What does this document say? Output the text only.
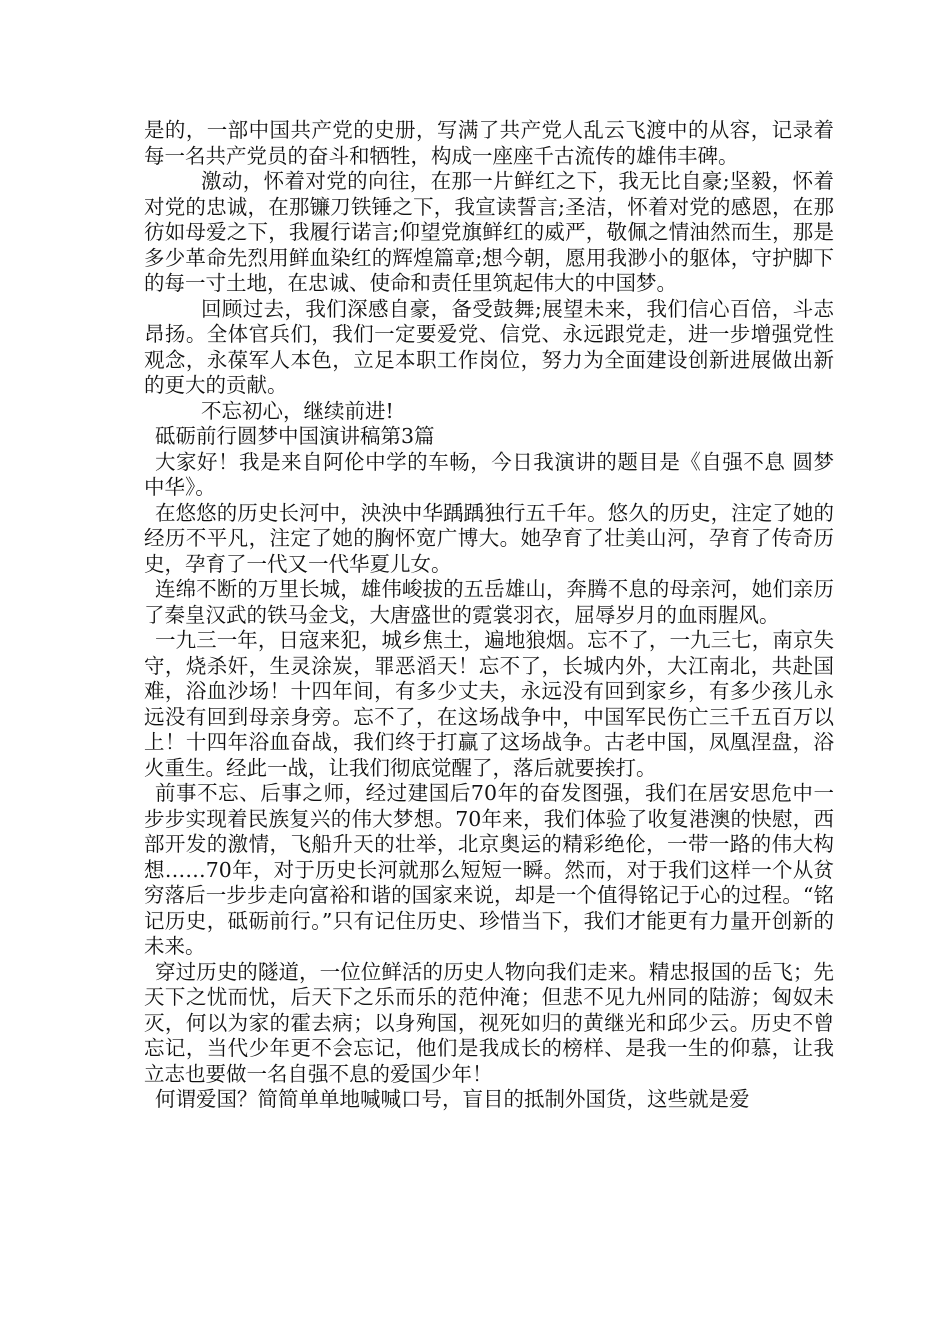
是的，一部中国共产党的史册，写满了共产党人乱云飞渡中的从容，记录着每一名共产党员的奋斗和牺牲，构成一座座千古流传的雄伟丰碑。

激动，怀着对党的向往，在那一片鲜红之下，我无比自豪;坚毅，怀着对党的忠诚，在那镰刀铁锤之下，我宣读誓言;圣洁，怀着对党的感恩，在那彷如母爱之下，我履行诺言;仰望党旗鲜红的威严，敬佩之情油然而生，那是多少革命先烈用鲜血染红的辉煌篇章;想今朝，愿用我渺小的躯体，守护脚下的每一寸土地，在忠诚、使命和责任里筑起伟大的中国梦。

回顾过去，我们深感自豪，备受鼓舞;展望未来，我们信心百倍，斗志昂扬。全体官兵们，我们一定要爱党、信党、永远跟党走，进一步增强党性观念，永葆军人本色，立足本职工作岗位，努力为全面建设创新进展做出新的更大的贡献。

不忘初心，继续前进!

砥砺前行圆梦中国演讲稿第3篇

大家好！我是来自阿伦中学的车畅，今日我演讲的题目是《自强不息 圆梦中华》。

在悠悠的历史长河中，泱泱中华踽踽独行五千年。悠久的历史，注定了她的经历不平凡，注定了她的胸怀宽广博大。她孕育了壮美山河，孕育了传奇历史，孕育了一代又一代华夏儿女。

连绵不断的万里长城，雄伟峻拔的五岳雄山，奔腾不息的母亲河，她们亲历了秦皇汉武的铁马金戈，大唐盛世的霓裳羽衣，屈辱岁月的血雨腥风。

一九三一年，日寇来犯，城乡焦土，遍地狼烟。忘不了，一九三七，南京失守，烧杀奸，生灵涂炭，罪恶滔天！忘不了，长城内外，大江南北，共赴国难，浴血沙场！十四年间，有多少丈夫，永远没有回到家乡，有多少孩儿永远没有回到母亲身旁。忘不了，在这场战争中，中国军民伤亡三千五百万以上！十四年浴血奋战，我们终于打赢了这场战争。古老中国，凤凰涅盘，浴火重生。经此一战，让我们彻底觉醒了，落后就要挨打。

前事不忘、后事之师，经过建国后70年的奋发图强，我们在居安思危中一步步实现着民族复兴的伟大梦想。70年来，我们体验了收复港澳的快慰，西部开发的激情，飞船升天的壮举，北京奥运的精彩绝伦，一带一路的伟大构想……70年，对于历史长河就那么短短一瞬。然而，对于我们这样一个从贫穷落后一步步走向富裕和谐的国家来说，却是一个值得铭记于心的过程。“铭记历史，砥砺前行。”只有记住历史、珍惜当下，我们才能更有力量开创新的未来。

穿过历史的隧道，一位位鲜活的历史人物向我们走来。精忠报国的岳飞；先天下之忧而忧，后天下之乐而乐的范仲淹；但悲不见九州同的陆游；匈奴未灭，何以为家的霍去病；以身殉国，视死如归的黄继光和邱少云。历史不曾忘记，当代少年更不会忘记，他们是我成长的榜样、是我一生的仰慕，让我立志也要做一名自强不息的爱国少年！

何谓爱国？简简单单地喊喊口号，盲目的抵制外国货，这些就是爱
